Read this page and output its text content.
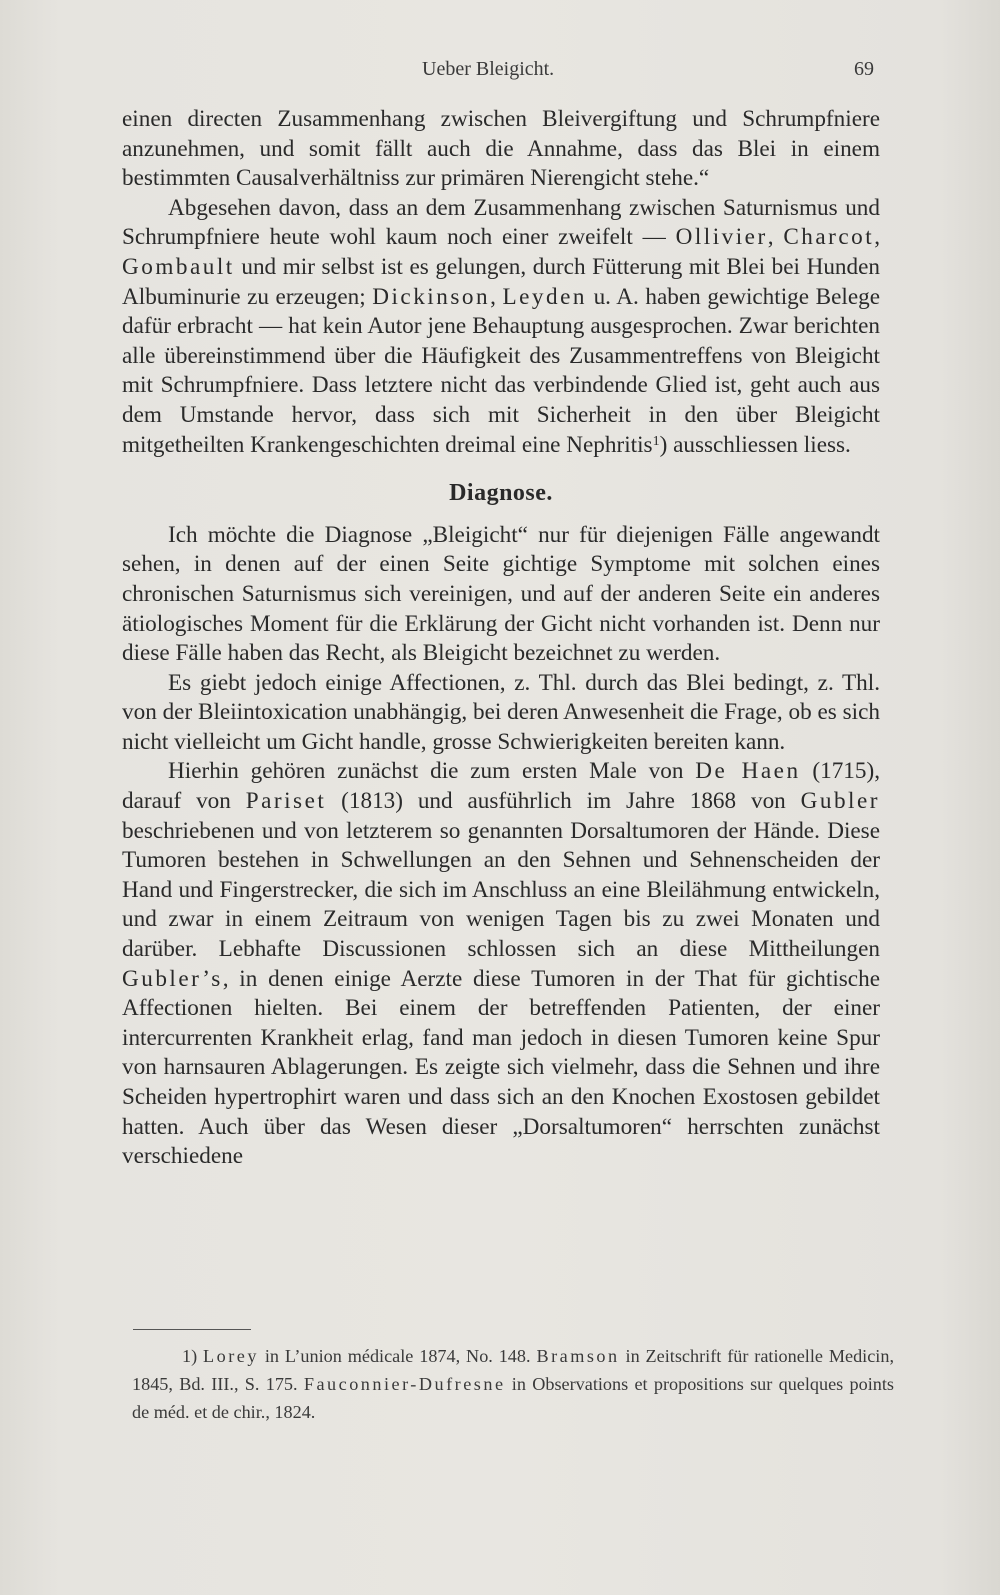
Ueber Bleigicht.	69

einen directen Zusammenhang zwischen Bleivergiftung und Schrumpfniere anzunehmen, und somit fällt auch die Annahme, dass das Blei in einem bestimmten Causalverhältniss zur primären Nierengicht stehe.“

Abgesehen davon, dass an dem Zusammenhang zwischen Saturnismus und Schrumpfniere heute wohl kaum noch einer zweifelt — Ollivier, Charcot, Gombault und mir selbst ist es gelungen, durch Fütterung mit Blei bei Hunden Albuminurie zu erzeugen; Dickinson, Leyden u. A. haben gewichtige Belege dafür erbracht — hat kein Autor jene Behauptung ausgesprochen. Zwar berichten alle übereinstimmend über die Häufigkeit des Zusammentreffens von Bleigicht mit Schrumpfniere. Dass letztere nicht das verbindende Glied ist, geht auch aus dem Umstande hervor, dass sich mit Sicherheit in den über Bleigicht mitgetheilten Krankengeschichten dreimal eine Nephritis$^1$) ausschliessen liess.

Diagnose.

Ich möchte die Diagnose „Bleigicht“ nur für diejenigen Fälle angewandt sehen, in denen auf der einen Seite gichtige Symptome mit solchen eines chronischen Saturnismus sich vereinigen, und auf der anderen Seite ein anderes ätiologisches Moment für die Erklärung der Gicht nicht vorhanden ist. Denn nur diese Fälle haben das Recht, als Bleigicht bezeichnet zu werden.

Es giebt jedoch einige Affectionen, z. Thl. durch das Blei bedingt, z. Thl. von der Bleiintoxication unabhängig, bei deren Anwesenheit die Frage, ob es sich nicht vielleicht um Gicht handle, grosse Schwierigkeiten bereiten kann.

Hierhin gehören zunächst die zum ersten Male von De Haen (1715), darauf von Pariset (1813) und ausführlich im Jahre 1868 von Gubler beschriebenen und von letzterem so genannten Dorsaltumoren der Hände. Diese Tumoren bestehen in Schwellungen an den Sehnen und Sehnenscheiden der Hand und Fingerstrecker, die sich im Anschluss an eine Bleilähmung entwickeln, und zwar in einem Zeitraum von wenigen Tagen bis zu zwei Monaten und darüber. Lebhafte Discussionen schlossen sich an diese Mittheilungen Gubler’s, in denen einige Aerzte diese Tumoren in der That für gichtische Affectionen hielten. Bei einem der betreffenden Patienten, der einer intercurrenten Krankheit erlag, fand man jedoch in diesen Tumoren keine Spur von harnsauren Ablagerungen. Es zeigte sich vielmehr, dass die Sehnen und ihre Scheiden hypertrophirt waren und dass sich an den Knochen Exostosen gebildet hatten. Auch über das Wesen dieser „Dorsaltumoren“ herrschten zunächst verschiedene

1) Lorey in L’union médicale 1874, No. 148. Bramson in Zeitschrift für rationelle Medicin, 1845, Bd. III., S. 175. Fauconnier-Dufresne in Observations et propositions sur quelques points de méd. et de chir., 1824.
